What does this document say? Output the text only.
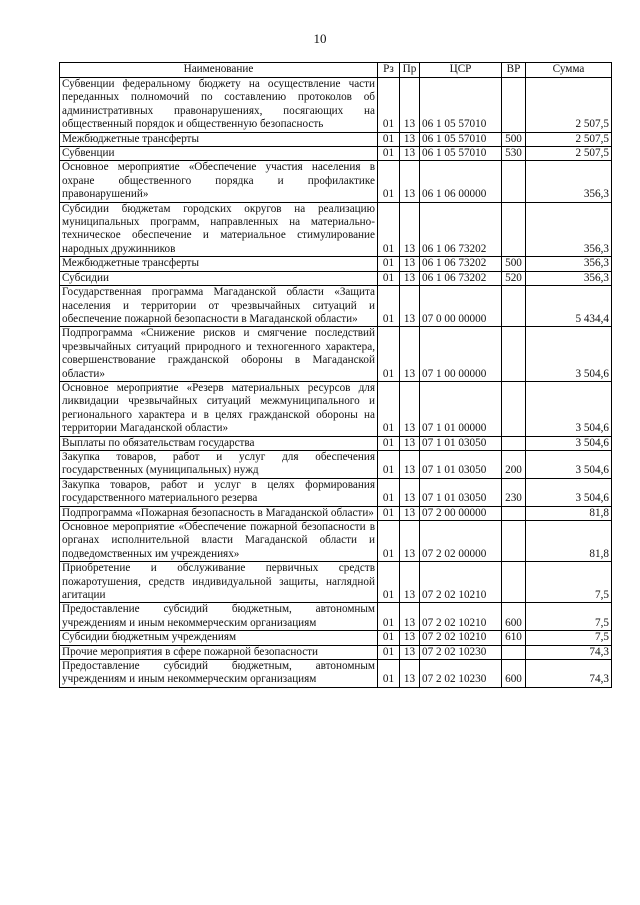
10
Наименование	Рз	Пр	ЦСР	ВР	Сумма
Субвенции федеральному бюджету на осуществление части переданных полномочий по составлению протоколов об административных правонарушениях, посягающих на общественный порядок и общественную безопасность	01	13	06 1 05 57010		2 507,5
Межбюджетные трансферты	01	13	06 1 05 57010	500	2 507,5
Субвенции	01	13	06 1 05 57010	530	2 507,5
Основное мероприятие «Обеспечение участия населения в охране общественного порядка и профилактике правонарушений»	01	13	06 1 06 00000		356,3
Субсидии бюджетам городских округов на реализацию муниципальных программ, направленных на материально-техническое обеспечение и материальное стимулирование народных дружинников	01	13	06 1 06 73202		356,3
Межбюджетные трансферты	01	13	06 1 06 73202	500	356,3
Субсидии	01	13	06 1 06 73202	520	356,3
Государственная программа Магаданской области «Защита населения и территории от чрезвычайных ситуаций и обеспечение пожарной безопасности в Магаданской области»	01	13	07 0 00 00000		5 434,4
Подпрограмма «Снижение рисков и смягчение последствий чрезвычайных ситуаций природного и техногенного характера, совершенствование гражданской обороны в Магаданской области»	01	13	07 1 00 00000		3 504,6
Основное мероприятие «Резерв материальных ресурсов для ликвидации чрезвычайных ситуаций межмуниципального и регионального характера и в целях гражданской обороны на территории Магаданской области»	01	13	07 1 01 00000		3 504,6
Выплаты по обязательствам государства	01	13	07 1 01 03050		3 504,6
Закупка товаров, работ и услуг для обеспечения государственных (муниципальных) нужд	01	13	07 1 01 03050	200	3 504,6
Закупка товаров, работ и услуг в целях формирования государственного материального резерва	01	13	07 1 01 03050	230	3 504,6
Подпрограмма «Пожарная безопасность в Магаданской области»	01	13	07 2 00 00000		81,8
Основное мероприятие «Обеспечение пожарной безопасности в органах исполнительной власти Магаданской области и подведомственных им учреждениях»	01	13	07 2 02 00000		81,8
Приобретение и обслуживание первичных средств пожаротушения, средств индивидуальной защиты, наглядной агитации	01	13	07 2 02 10210		7,5
Предоставление субсидий бюджетным, автономным учреждениям и иным некоммерческим организациям	01	13	07 2 02 10210	600	7,5
Субсидии бюджетным учреждениям	01	13	07 2 02 10210	610	7,5
Прочие мероприятия в сфере пожарной безопасности	01	13	07 2 02 10230		74,3
Предоставление субсидий бюджетным, автономным учреждениям и иным некоммерческим организациям	01	13	07 2 02 10230	600	74,3
